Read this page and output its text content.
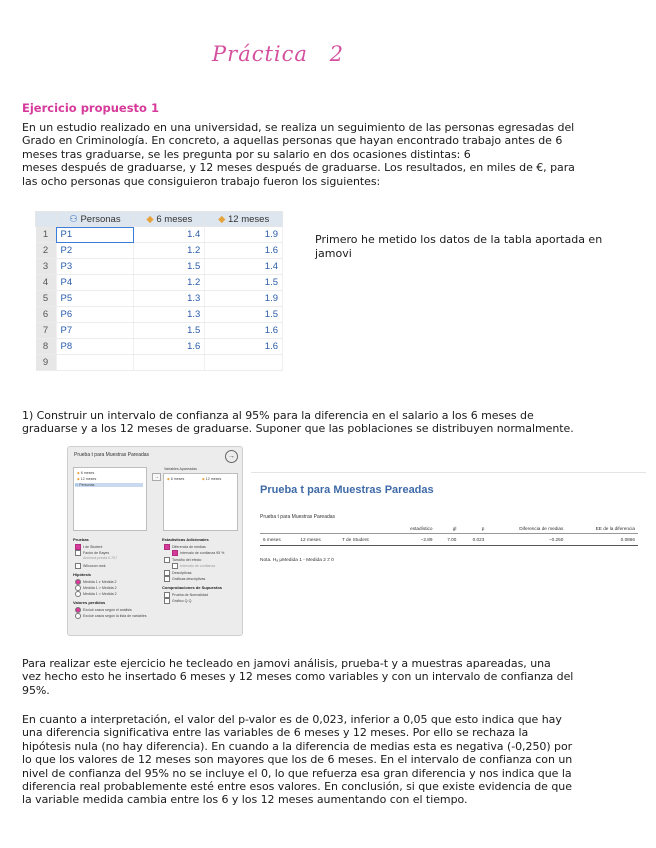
Práctica 2
Ejercicio propuesto 1
En un estudio realizado en una universidad, se realiza un seguimiento de las personas egresadas del
Grado en Criminología. En concreto, a aquellas personas que hayan encontrado trabajo antes de 6
meses tras graduarse, se les pregunta por su salario en dos ocasiones distintas: 6
meses después de graduarse, y 12 meses después de graduarse. Los resultados, en miles de €, para
las ocho personas que consiguieron trabajo fueron los siguientes:
	⚇ Personas	◆ 6 meses	◆ 12 meses
1	P1	1.4	1.9
2	P2	1.2	1.6
3	P3	1.5	1.4
4	P4	1.2	1.5
5	P5	1.3	1.9
6	P6	1.3	1.5
7	P7	1.5	1.6
8	P8	1.6	1.6
9			
Primero he metido los datos de la tabla aportada en jamovi
1) Construir un intervalo de confianza al 95% para la diferencia en el salario a los 6 meses de
graduarse y a los 12 meses de graduarse. Suponer que las poblaciones se distribuyen normalmente.
Prueba t para Muestras Pareadas	→
◆ 6 meses
◆ 12 meses
⚇ Personas
→
Variables Apareadas
◆ 6 meses	◆ 12 meses
Pruebas
t de Student
Factor de Bayes
Anchura previa 0.707
Wilcoxon rank
Hipótesis
Medida 1 ≠ Medida 2
Medida 1 > Medida 2
Medida 1 < Medida 2
Valores perdidos
Excluir casos según el análisis
Excluir casos según la lista de variables
Estadísticas Adicionales
Diferencia de medias
Intervalo de confianza 95 %
Tamaño del efecto
Intervalo de confianza
Descriptivas
Gráficas descriptivas
Comprobaciones de Supuestos
Prueba de Normalidad
Gráfico Q-Q
Prueba t para Muestras Pareadas
Prueba t para Muestras Pareadas
			estadístico	gl	p	Diferencia de medias	EE de la diferencia
6 meses	12 meses	T de Student	−2.89	7.00	0.023	−0.250	0.0866
Nota. Hₐ μMedida 1 - Medida 2 ≠ 0
Para realizar este ejercicio he tecleado en jamovi análisis, prueba-t y a muestras apareadas, una
vez hecho esto he insertado 6 meses y 12 meses como variables y con un intervalo de confianza del
95%.
En cuanto a interpretación, el valor del p-valor es de 0,023, inferior a 0,05 que esto indica que hay
una diferencia significativa entre las variables de 6 meses y 12 meses. Por ello se rechaza la
hipótesis nula (no hay diferencia). En cuando a la diferencia de medias esta es negativa (-0,250) por
lo que los valores de 12 meses son mayores que los de 6 meses. En el intervalo de confianza con un
nivel de confianza del 95% no se incluye el 0, lo que refuerza esa gran diferencia y nos indica que la
diferencia real probablemente esté entre esos valores. En conclusión, si que existe evidencia de que
la variable medida cambia entre los 6 y los 12 meses aumentando con el tiempo.
